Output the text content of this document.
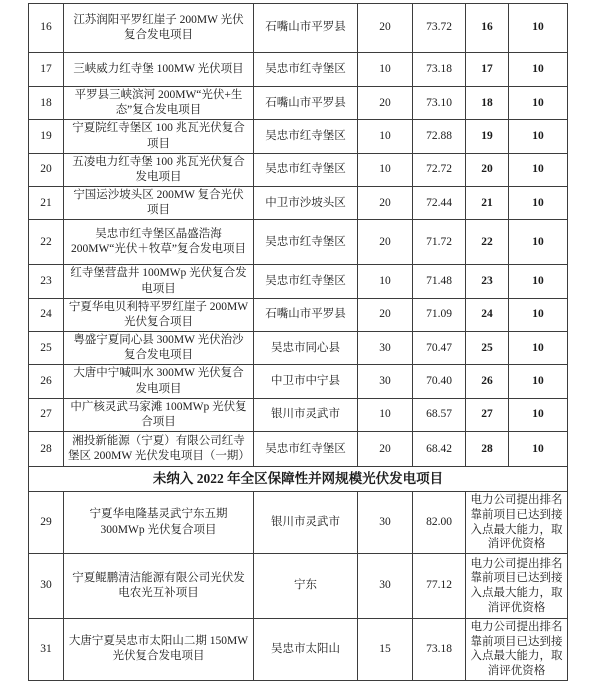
16	江苏润阳平罗红崖子 200MW 光伏复合发电项目	石嘴山市平罗县	20	73.72	16	10
17	三峡威力红寺堡 100MW 光伏项目	吴忠市红寺堡区	10	73.18	17	10
18	平罗县三峡滨河 200MW“光伏+生态”复合发电项目	石嘴山市平罗县	20	73.10	18	10
19	宁夏院红寺堡区 100 兆瓦光伏复合项目	吴忠市红寺堡区	10	72.88	19	10
20	五凌电力红寺堡 100 兆瓦光伏复合发电项目	吴忠市红寺堡区	10	72.72	20	10
21	宁国运沙坡头区 200MW 复合光伏项目	中卫市沙坡头区	20	72.44	21	10
22	吴忠市红寺堡区晶盛浩海 200MW“光伏＋牧草”复合发电项目	吴忠市红寺堡区	20	71.72	22	10
23	红寺堡营盘井 100MWp 光伏复合发电项目	吴忠市红寺堡区	10	71.48	23	10
24	宁夏华电贝利特平罗红崖子 200MW 光伏复合项目	石嘴山市平罗县	20	71.09	24	10
25	粤盛宁夏同心县 300MW 光伏治沙复合发电项目	吴忠市同心县	30	70.47	25	10
26	大唐中宁喊叫水 300MW 光伏复合发电项目	中卫市中宁县	30	70.40	26	10
27	中广核灵武马家滩 100MWp 光伏复合项目	银川市灵武市	10	68.57	27	10
28	湘投新能源（宁夏）有限公司红寺堡区 200MW 光伏发电项目（一期）	吴忠市红寺堡区	20	68.42	28	10
未纳入 2022 年全区保障性并网规模光伏发电项目						
29	宁夏华电隆基灵武宁东五期 300MWp 光伏复合项目	银川市灵武市	30	82.00	电力公司提出排名靠前项目已达到接入点最大能力，取消评优资格	
30	宁夏鲲鹏清洁能源有限公司光伏发电农光互补项目	宁东	30	77.12	电力公司提出排名靠前项目已达到接入点最大能力，取消评优资格	
31	大唐宁夏吴忠市太阳山二期 150MW 光伏复合发电项目	吴忠市太阳山	15	73.18	电力公司提出排名靠前项目已达到接入点最大能力，取消评优资格	
